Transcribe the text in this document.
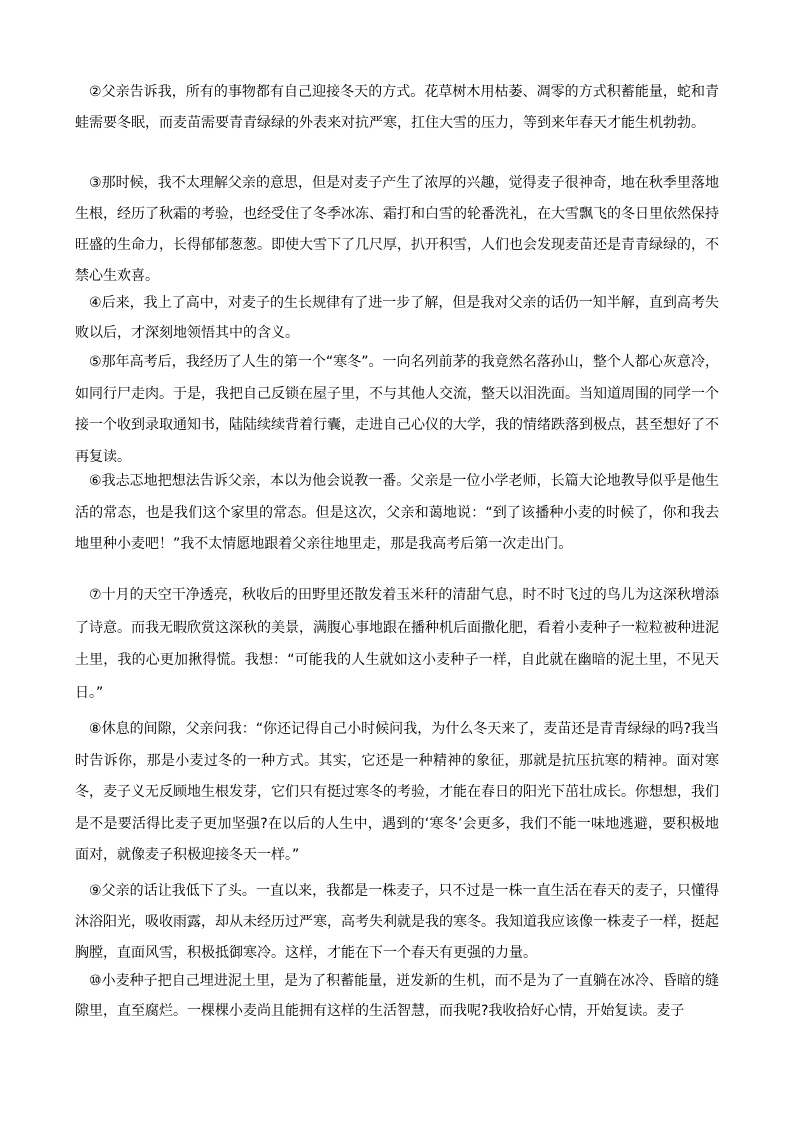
②父亲告诉我，所有的事物都有自己迎接冬天的方式。花草树木用枯萎、凋零的方式积蓄能量，蛇和青蛙需要冬眠，而麦苗需要青青绿绿的外表来对抗严寒，扛住大雪的压力，等到来年春天才能生机勃勃。

③那时候，我不太理解父亲的意思，但是对麦子产生了浓厚的兴趣，觉得麦子很神奇，地在秋季里落地生根，经历了秋霜的考验，也经受住了冬季冰冻、霜打和白雪的轮番洗礼，在大雪飘飞的冬日里依然保持旺盛的生命力，长得郁郁葱葱。即使大雪下了几尺厚，扒开积雪，人们也会发现麦苗还是青青绿绿的，不禁心生欢喜。

④后来，我上了高中，对麦子的生长规律有了进一步了解，但是我对父亲的话仍一知半解，直到高考失败以后，才深刻地领悟其中的含义。

⑤那年高考后，我经历了人生的第一个“寒冬”。一向名列前茅的我竟然名落孙山，整个人都心灰意冷，如同行尸走肉。于是，我把自己反锁在屋子里，不与其他人交流，整天以泪洗面。当知道周围的同学一个接一个收到录取通知书，陆陆续续背着行囊，走进自己心仪的大学，我的情绪跌落到极点，甚至想好了不再复读。

⑥我忐忑地把想法告诉父亲，本以为他会说教一番。父亲是一位小学老师，长篇大论地教导似乎是他生活的常态，也是我们这个家里的常态。但是这次，父亲和蔼地说：“到了该播种小麦的时候了，你和我去地里种小麦吧！”我不太情愿地跟着父亲往地里走，那是我高考后第一次走出门。

⑦十月的天空干净透亮，秋收后的田野里还散发着玉米秆的清甜气息，时不时飞过的鸟儿为这深秋增添了诗意。而我无暇欣赏这深秋的美景，满腹心事地跟在播种机后面撒化肥，看着小麦种子一粒粒被种进泥土里，我的心更加揪得慌。我想：“可能我的人生就如这小麦种子一样，自此就在幽暗的泥土里，不见天日。”

⑧休息的间隙，父亲问我：“你还记得自己小时候问我，为什么冬天来了，麦苗还是青青绿绿的吗?我当时告诉你，那是小麦过冬的一种方式。其实，它还是一种精神的象征，那就是抗压抗寒的精神。面对寒冬，麦子义无反顾地生根发芽，它们只有挺过寒冬的考验，才能在春日的阳光下茁壮成长。你想想，我们是不是要活得比麦子更加坚强?在以后的人生中，遇到的‘寒冬’会更多，我们不能一味地逃避，要积极地面对，就像麦子积极迎接冬天一样。”

⑨父亲的话让我低下了头。一直以来，我都是一株麦子，只不过是一株一直生活在春天的麦子，只懂得沐浴阳光，吸收雨露，却从未经历过严寒，高考失利就是我的寒冬。我知道我应该像一株麦子一样，挺起胸膛，直面风雪，积极抵御寒冷。这样，才能在下一个春天有更强的力量。

⑩小麦种子把自己埋进泥土里，是为了积蓄能量，迸发新的生机，而不是为了一直躺在冰冷、昏暗的缝隙里，直至腐烂。一棵棵小麦尚且能拥有这样的生活智慧，而我呢?我收拾好心情，开始复读。麦子
